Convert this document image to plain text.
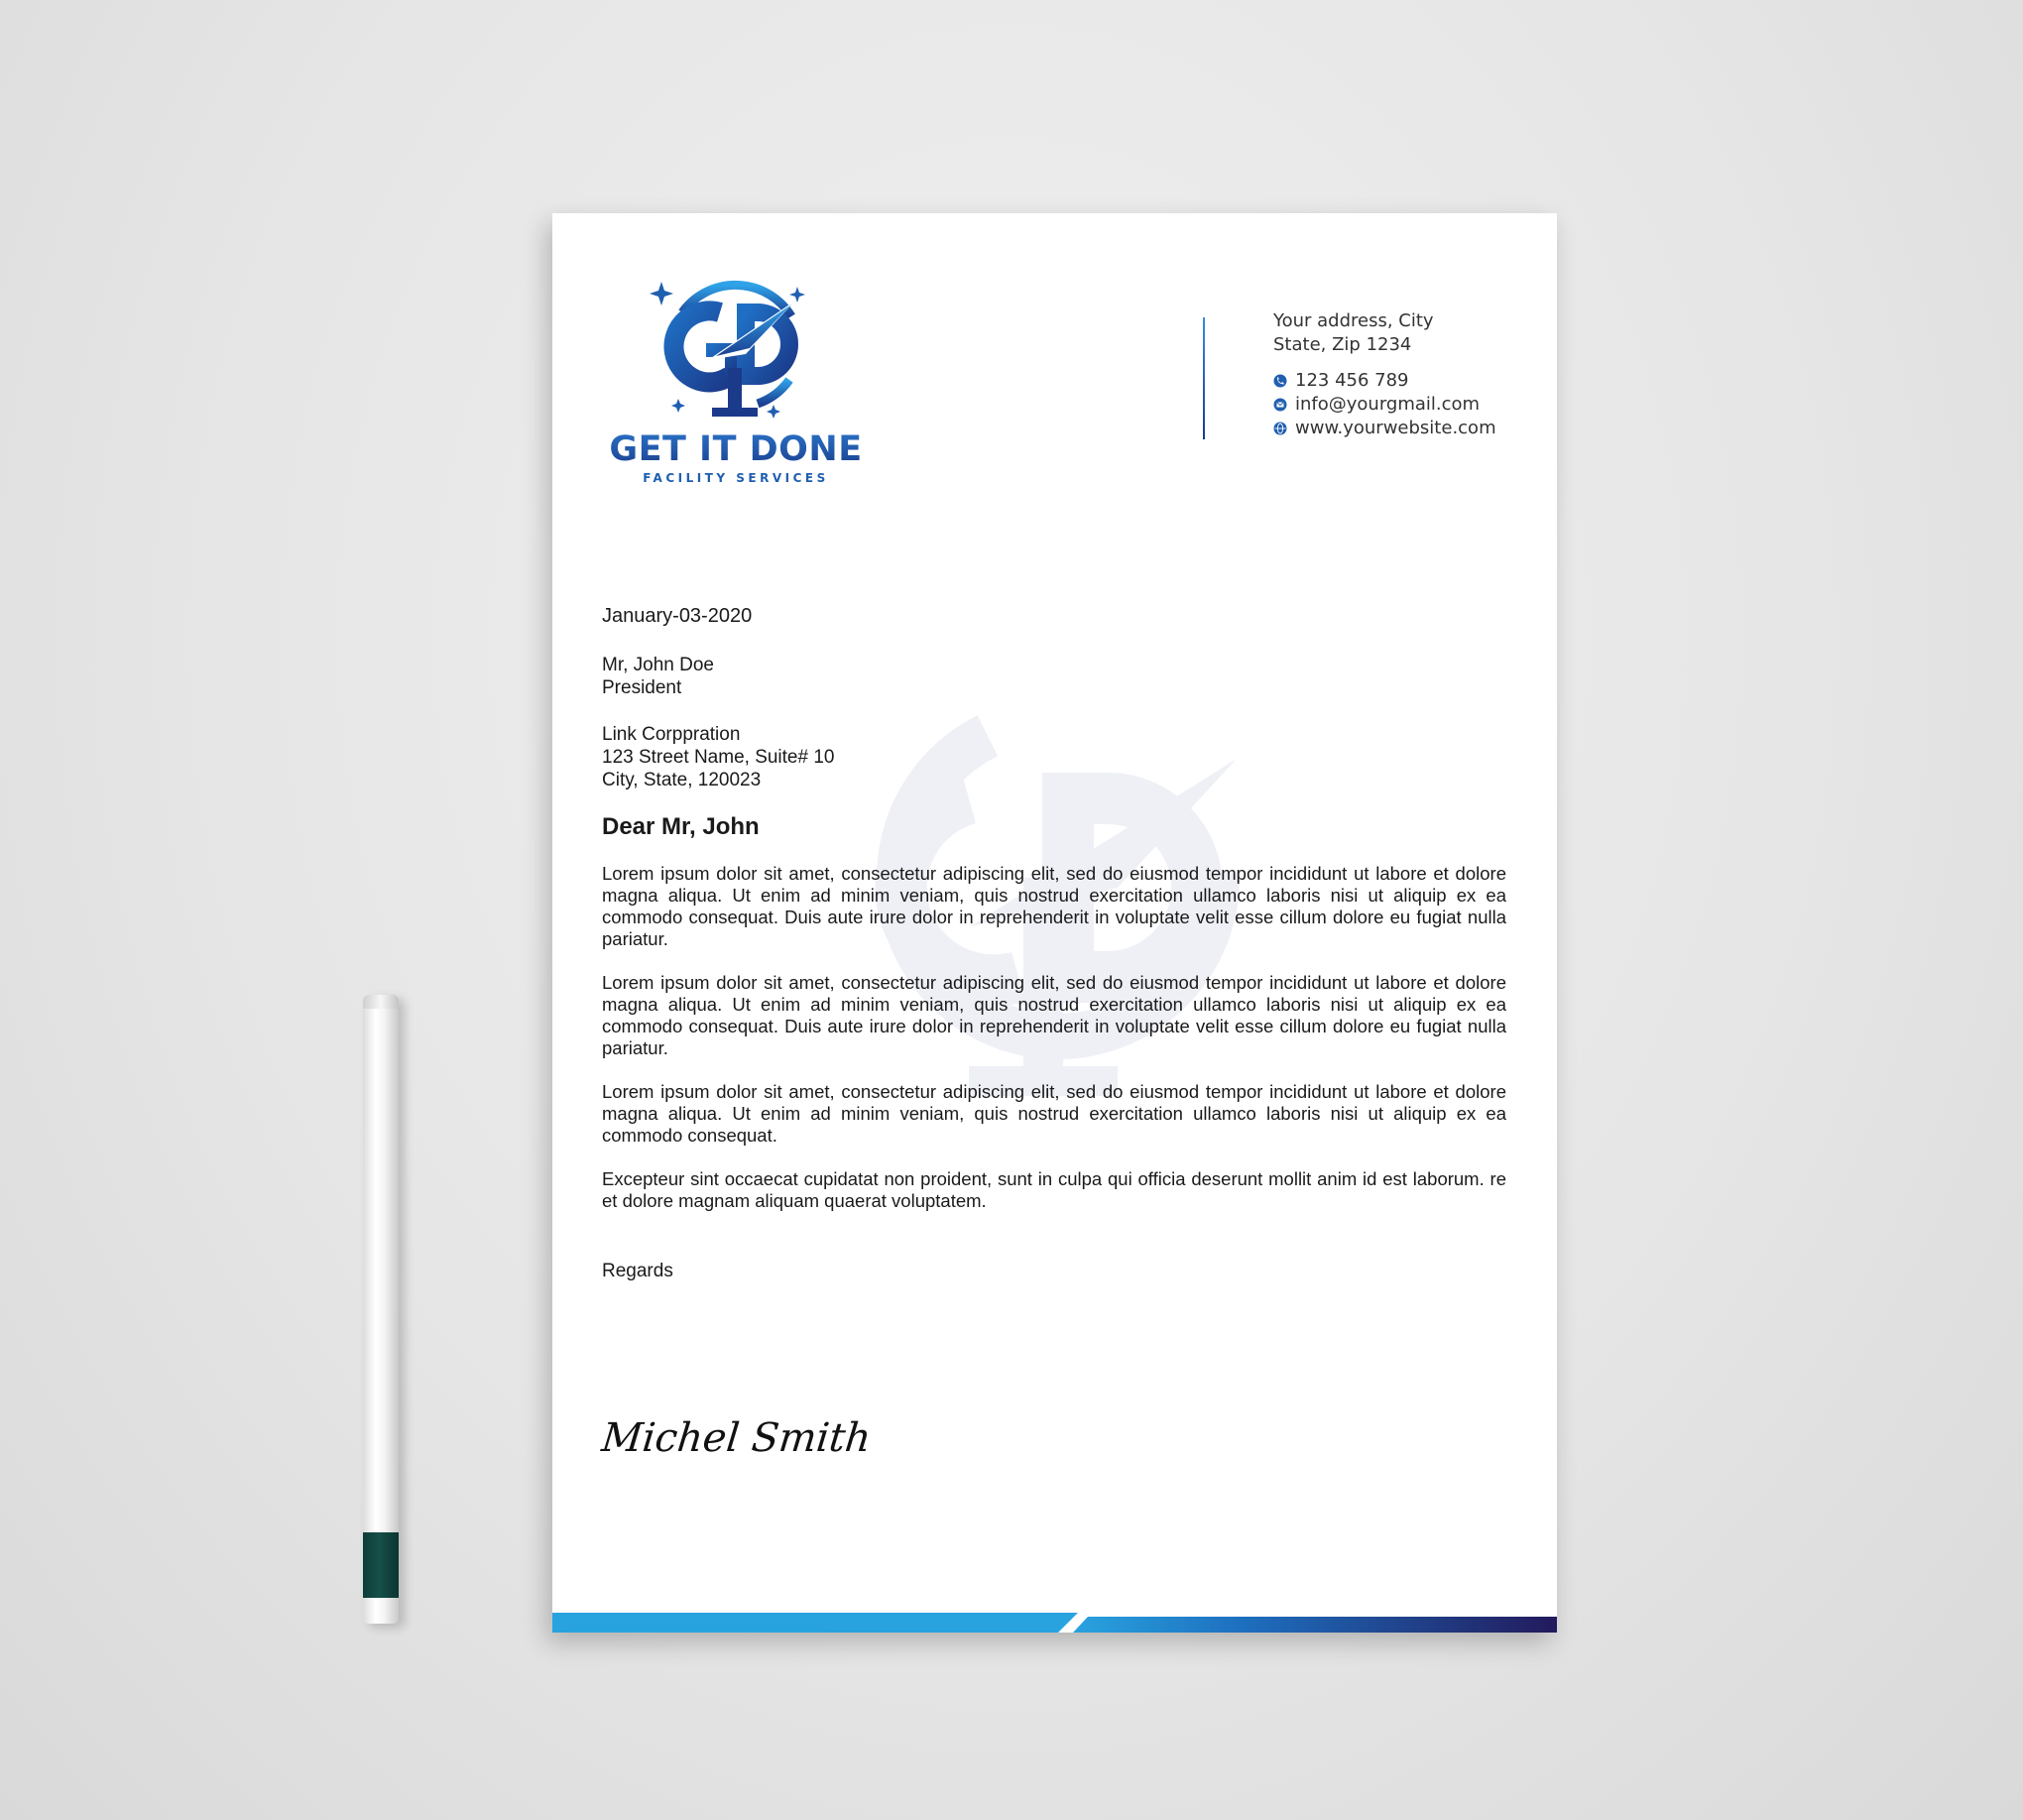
GET IT DONE
FACILITY SERVICES
Your address, City
State, Zip 1234
123 456 789
info@yourgmail.com
www.yourwebsite.com

January-03-2020

Mr, John Doe
President
Link Corppration
123 Street Name, Suite# 10
City, State, 120023

Dear Mr, John

Lorem ipsum dolor sit amet, consectetur adipiscing elit, sed do eiusmod tempor incididunt ut labore et dolore magna aliqua. Ut enim ad minim veniam, quis nostrud exercitation ullamco laboris nisi ut aliquip ex ea commodo consequat. Duis aute irure dolor in reprehenderit in voluptate velit esse cillum dolore eu fugiat nulla pariatur.

Lorem ipsum dolor sit amet, consectetur adipiscing elit, sed do eiusmod tempor incididunt ut labore et dolore magna aliqua. Ut enim ad minim veniam, quis nostrud exercitation ullamco laboris nisi ut aliquip ex ea commodo consequat. Duis aute irure dolor in reprehenderit in voluptate velit esse cillum dolore eu fugiat nulla pariatur.

Lorem ipsum dolor sit amet, consectetur adipiscing elit, sed do eiusmod tempor incididunt ut labore et dolore magna aliqua. Ut enim ad minim veniam, quis nostrud exercitation ullamco laboris nisi ut aliquip ex ea commodo consequat.

Excepteur sint occaecat cupidatat non proident, sunt in culpa qui officia deserunt mollit anim id est laborum. re et dolore magnam aliquam quaerat voluptatem.

Regards

Michel Smith
